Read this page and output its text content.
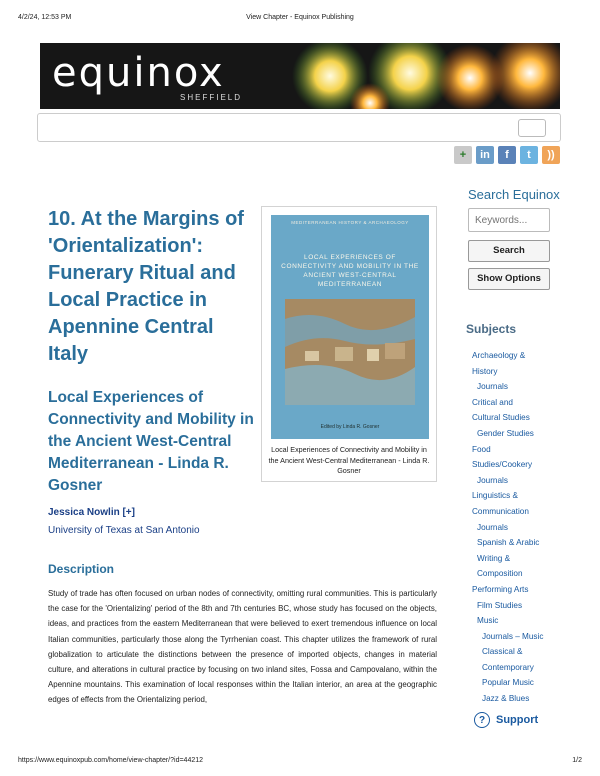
4/2/24, 12:53 PM	View Chapter - Equinox Publishing
equinox
SHEFFIELD
+	in	f	t	))
10. At the Margins of 'Orientalization': Funerary Ritual and Local Practice in Apennine Central Italy
Local Experiences of Connectivity and Mobility in the Ancient West-Central Mediterranean - Linda R. Gosner
Jessica Nowlin [+]
University of Texas at San Antonio
MEDITERRANEAN HISTORY & ARCHAEOLOGY
LOCAL EXPERIENCES OF CONNECTIVITY AND MOBILITY IN THE ANCIENT WEST-CENTRAL MEDITERRANEAN
Edited by Linda R. Gosner
Local Experiences of Connectivity and Mobility in the Ancient West-Central Mediterranean - Linda R. Gosner
Description

Study of trade has often focused on urban nodes of connectivity, omitting rural communities. This is particularly the case for the 'Orientalizing' period of the 8th and 7th centuries BC, whose study has focused on the objects, ideas, and practices from the eastern Mediterranean that were believed to exert tremendous influence on local Italian communities, particularly those along the Tyrrhenian coast. This chapter utilizes the framework of rural globalization to articulate the distinctions between the presence of imported objects, changes in material culture, and alterations in cultural practice by focusing on two inland sites, Fossa and Campovalano, within the Apennine mountains. This examination of local responses within the Italian interior, an area at the geographic edges of effects from the Orientalizing period,

Search Equinox
Keywords...
Search
Show Options
Subjects
Archaeology &
History
Journals
Critical and
Cultural Studies
Gender Studies
Food
Studies/Cookery
Journals
Linguistics &
Communication
Journals
Spanish & Arabic
Writing &
Composition
Performing Arts
Film Studies
Music
Journals – Music
Classical &
Contemporary
Popular Music
Jazz & Blues
? Support
https://www.equinoxpub.com/home/view-chapter/?id=44212	1/2
